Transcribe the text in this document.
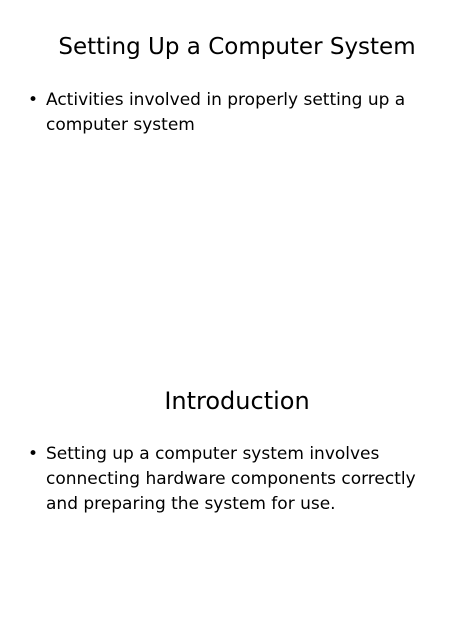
Setting Up a Computer System
• Activities involved in properly setting up a computer system
Introduction
• Setting up a computer system involves connecting hardware components correctly and preparing the system for use.
